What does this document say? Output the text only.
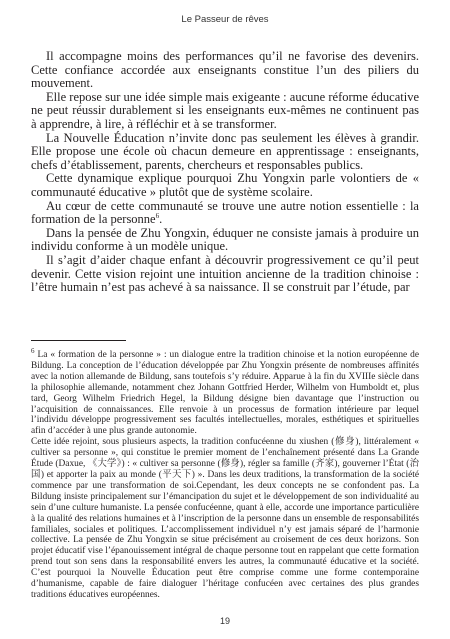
Le Passeur de rêves

Il accompagne moins des performances qu’il ne favorise des devenirs. Cette confiance accordée aux enseignants constitue l’un des piliers du mouvement.

Elle repose sur une idée simple mais exigeante : aucune réforme éducative ne peut réussir durablement si les enseignants eux-mêmes ne continuent pas à apprendre, à lire, à réfléchir et à se transformer.

La Nouvelle Éducation n’invite donc pas seulement les élèves à grandir. Elle propose une école où chacun demeure en apprentissage : enseignants, chefs d’établissement, parents, chercheurs et responsables publics.

Cette dynamique explique pourquoi Zhu Yongxin parle volontiers de « communauté éducative » plutôt que de système scolaire.

Au cœur de cette communauté se trouve une autre notion essentielle : la formation de la personne$^6$.

Dans la pensée de Zhu Yongxin, éduquer ne consiste jamais à produire un individu conforme à un modèle unique.

Il s’agit d’aider chaque enfant à découvrir progressivement ce qu’il peut devenir. Cette vision rejoint une intuition ancienne de la tradition chinoise : l’être humain n’est pas achevé à sa naissance. Il se construit par l’étude, par

$^6$ La « formation de la personne » : un dialogue entre la tradition chinoise et la notion européenne de Bildung. La conception de l’éducation développée par Zhu Yongxin présente de nombreuses affinités avec la notion allemande de Bildung, sans toutefois s’y réduire. Apparue à la fin du XVIIIe siècle dans la philosophie allemande, notamment chez Johann Gottfried Herder, Wilhelm von Humboldt et, plus tard, Georg Wilhelm Friedrich Hegel, la Bildung désigne bien davantage que l’instruction ou l’acquisition de connaissances. Elle renvoie à un processus de formation intérieure par lequel l’individu développe progressivement ses facultés intellectuelles, morales, esthétiques et spirituelles afin d’accéder à une plus grande autonomie.

Cette idée rejoint, sous plusieurs aspects, la tradition confucéenne du xiushen (修身), littéralement « cultiver sa personne », qui constitue le premier moment de l’enchaînement présenté dans La Grande Étude (Daxue, 《大学》) : « cultiver sa personne (修身), régler sa famille (齐家), gouverner l’État (治国) et apporter la paix au monde (平天下) ». Dans les deux traditions, la transformation de la société commence par une transformation de soi.Cependant, les deux concepts ne se confondent pas. La Bildung insiste principalement sur l’émancipation du sujet et le développement de son individualité au sein d’une culture humaniste. La pensée confucéenne, quant à elle, accorde une importance particulière à la qualité des relations humaines et à l’inscription de la personne dans un ensemble de responsabilités familiales, sociales et politiques. L’accomplissement individuel n’y est jamais séparé de l’harmonie collective. La pensée de Zhu Yongxin se situe précisément au croisement de ces deux horizons. Son projet éducatif vise l’épanouissement intégral de chaque personne tout en rappelant que cette formation prend tout son sens dans la responsabilité envers les autres, la communauté éducative et la société. C’est pourquoi la Nouvelle Éducation peut être comprise comme une forme contemporaine d’humanisme, capable de faire dialoguer l’héritage confucéen avec certaines des plus grandes traditions éducatives européennes.

19
